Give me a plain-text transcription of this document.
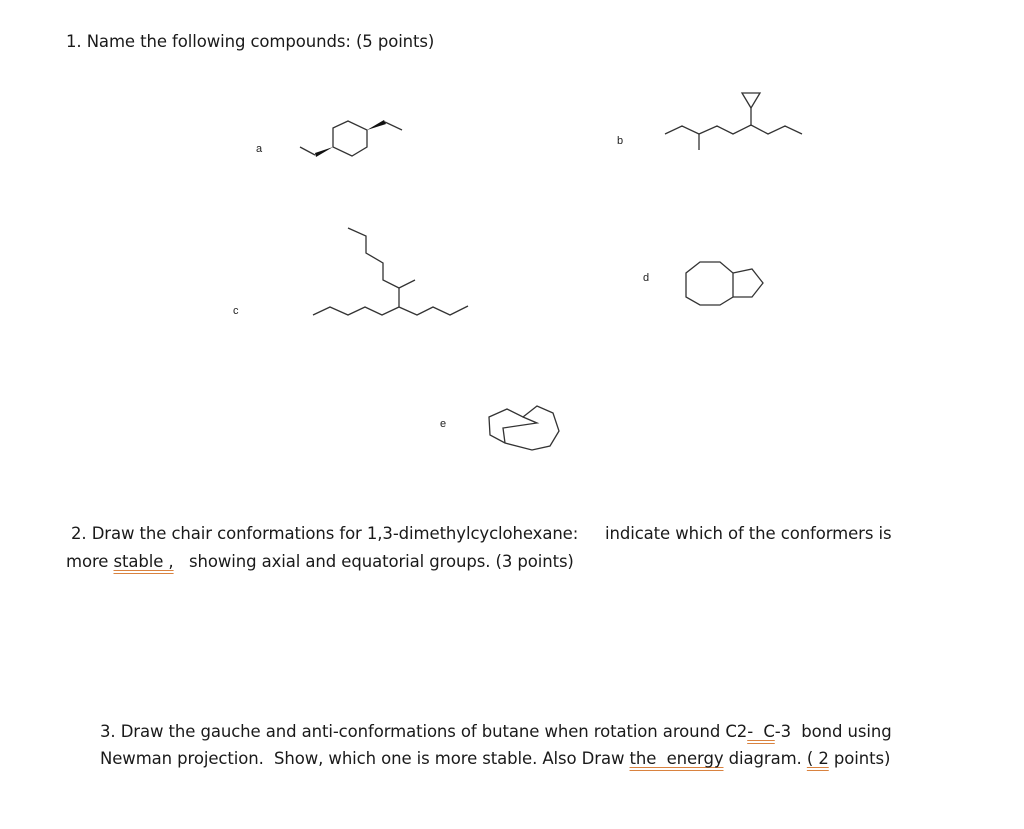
1. Name the following compounds: (5 points)
a
b
c
d
e
2. Draw the chair conformations for 1,3-dimethylcyclohexane: indicate which of the conformers is
more stable ,   showing axial and equatorial groups. (3 points)
3. Draw the gauche and anti-conformations of butane when rotation around C2-  C-3  bond using
Newman projection.  Show, which one is more stable. Also Draw the  energy diagram. ( 2 points)
